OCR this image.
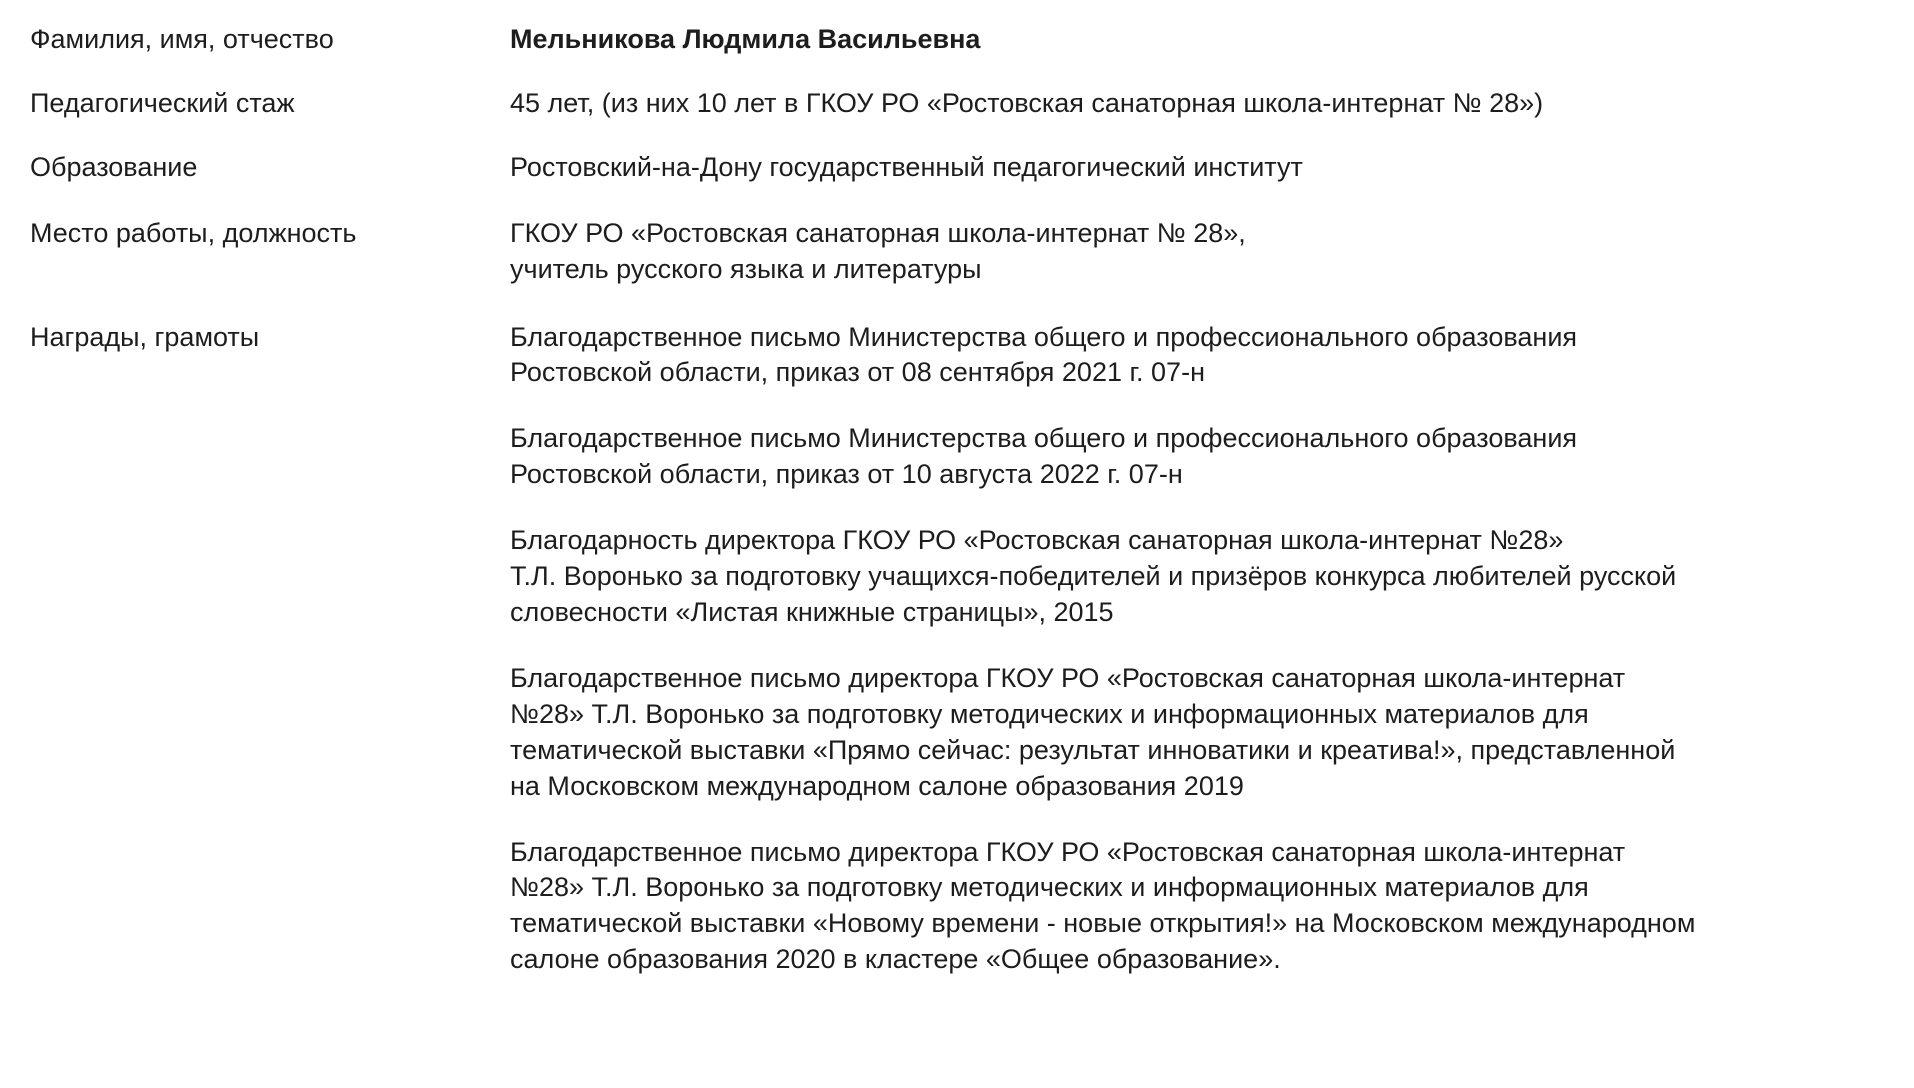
Фамилия, имя, отчество	Мельникова Людмила Васильевна

Педагогический стаж	45 лет, (из них 10 лет в ГКОУ РО «Ростовская санаторная школа-интернат № 28»)

Образование	Ростовский-на-Дону государственный педагогический институт

Место работы, должность	ГКОУ РО «Ростовская санаторная школа-интернат № 28»,
учитель русского языка и литературы

Награды, грамоты	Благодарственное письмо Министерства общего и профессионального образования
Ростовской области, приказ от 08 сентября 2021 г. 07-н
Благодарственное письмо Министерства общего и профессионального образования
Ростовской области, приказ от 10 августа 2022 г. 07-н
Благодарность директора ГКОУ РО «Ростовская санаторная школа-интернат №28»
Т.Л. Воронько за подготовку учащихся-победителей и призёров конкурса любителей русской
словесности «Листая книжные страницы», 2015
Благодарственное письмо директора ГКОУ РО «Ростовская санаторная школа-интернат
№28» Т.Л. Воронько за подготовку методических и информационных материалов для
тематической выставки «Прямо сейчас: результат инноватики и креатива!», представленной
на Московском международном салоне образования 2019
Благодарственное письмо директора ГКОУ РО «Ростовская санаторная школа-интернат
№28» Т.Л. Воронько за подготовку методических и информационных материалов для
тематической выставки «Новому времени - новые открытия!» на Московском международном
салоне образования 2020 в кластере «Общее образование».
